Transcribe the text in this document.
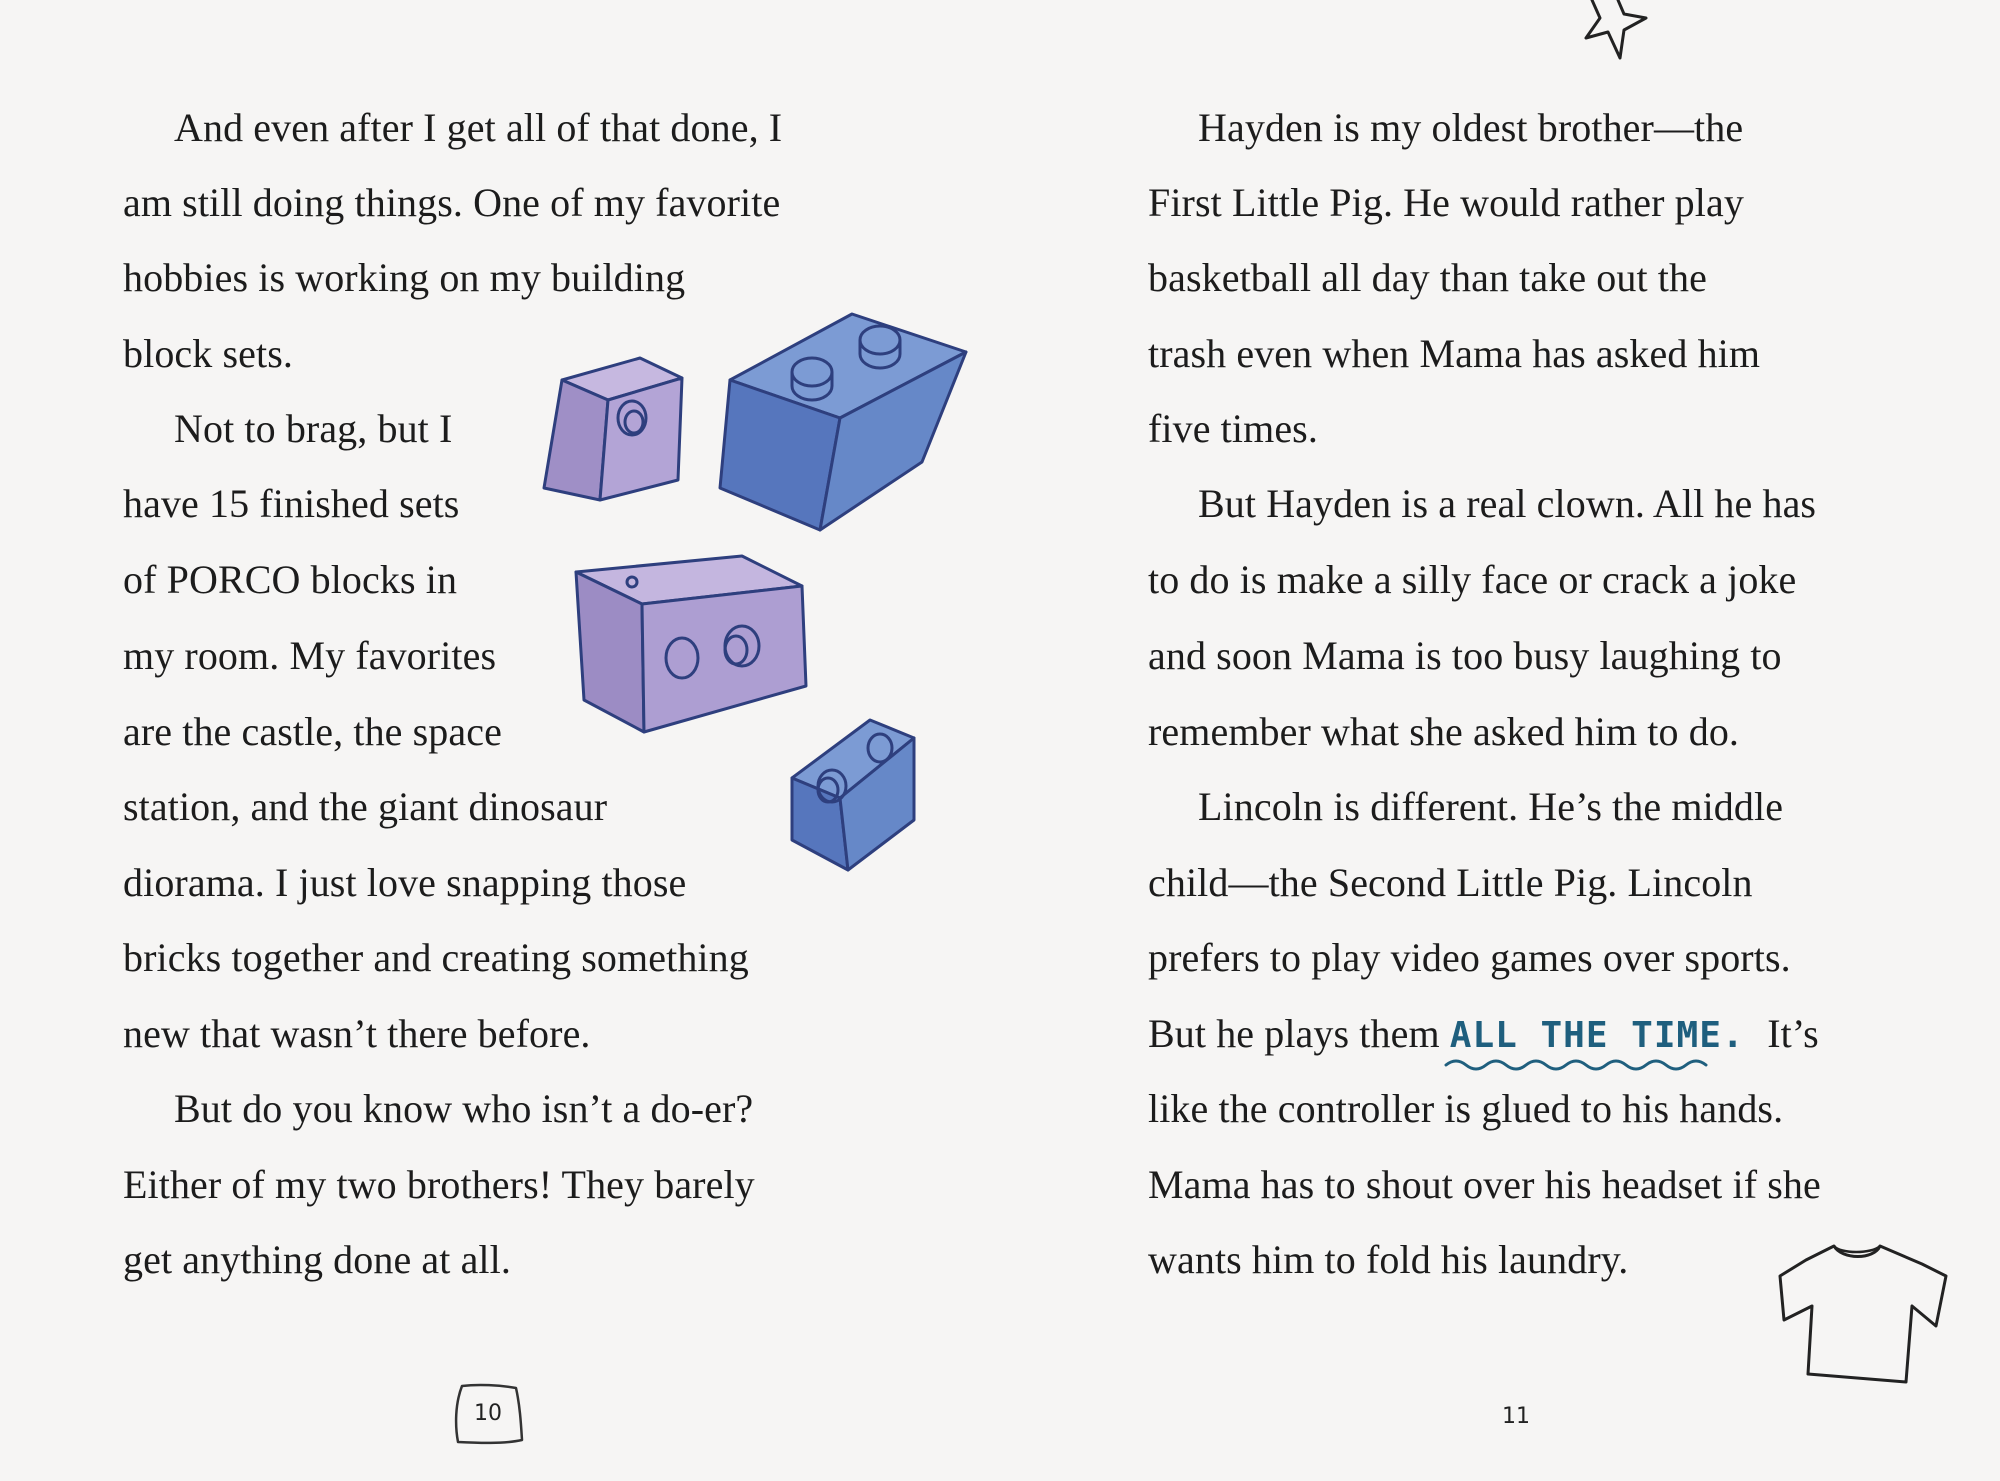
And even after I get all of that done, I
am still doing things. One of my favorite
hobbies is working on my building
block sets.
Not to brag, but I
have 15 finished sets
of PORCO blocks in
my room. My favorites
are the castle, the space
station, and the giant dinosaur
diorama. I just love snapping those
bricks together and creating something
new that wasn’t there before.
But do you know who isn’t a do-er?
Either of my two brothers! They barely
get anything done at all.
10
Hayden is my oldest brother—the
First Little Pig. He would rather play
basketball all day than take out the
trash even when Mama has asked him
five times.
But Hayden is a real clown. All he has
to do is make a silly face or crack a joke
and soon Mama is too busy laughing to
remember what she asked him to do.
Lincoln is different. He’s the middle
child—the Second Little Pig. Lincoln
prefers to play video games over sports.
But he plays them ALL THE TIME. It’s
like the controller is glued to his hands.
Mama has to shout over his headset if she
wants him to fold his laundry.
11
